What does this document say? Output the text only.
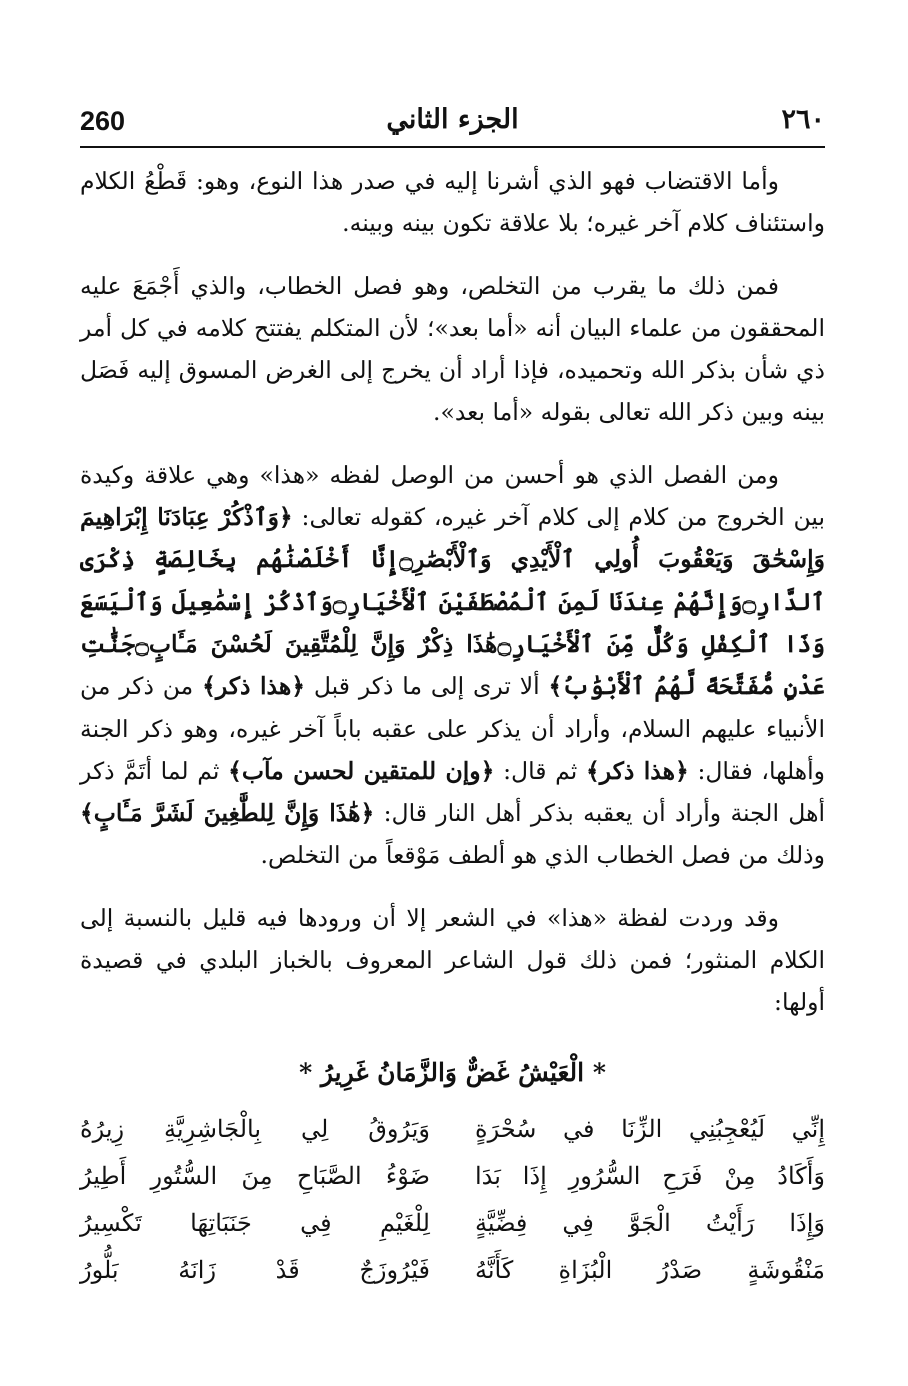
260	الجزء الثاني	٢٦٠

وأما الاقتضاب فهو الذي أشرنا إليه في صدر هذا النوع، وهو: قَطْعُ الكلام واستئناف كلام آخر غيره؛ بلا علاقة تكون بينه وبينه.

فمن ذلك ما يقرب من التخلص، وهو فصل الخطاب، والذي أَجْمَعَ عليه المحققون من علماء البيان أنه «أما بعد»؛ لأن المتكلم يفتتح كلامه في كل أمر ذي شأن بذكر الله وتحميده، فإذا أراد أن يخرج إلى الغرض المسوق إليه فَصَل بينه وبين ذكر الله تعالى بقوله «أما بعد».

ومن الفصل الذي هو أحسن من الوصل لفظه «هذا» وهي علاقة وكيدة بين الخروج من كلام إلى كلام آخر غيره، كقوله تعالى: ﴿وَٱذْكُرْ عِبَادَنَا إِبْرَاهِيمَ وَإِسْحَٰقَ وَيَعْقُوبَ أُولِي ٱلْأَيْدِي وَٱلْأَبْصَٰرِ۝إِنَّا أَخْلَصْنَٰهُم بِخَالِصَةٍ ذِكْرَى ٱلدَّارِ۝وَإِنَّهُمْ عِندَنَا لَمِنَ ٱلْمُصْطَفَيْنَ ٱلْأَخْيَارِ۝وَٱذْكُرْ إِسْمَٰعِيلَ وَٱلْيَسَعَ وَذَا ٱلْكِفْلِ وَكُلٌّ مِّنَ ٱلْأَخْيَارِ۝هَٰذَا ذِكْرٌ وَإِنَّ لِلْمُتَّقِينَ لَحُسْنَ مَـَٔابٍ۝جَنَّٰتِ عَدْنٍ مُّفَتَّحَةً لَّهُمُ ٱلْأَبْوَٰبُ﴾ ألا ترى إلى ما ذكر قبل ﴿هذا ذكر﴾ من ذكر من الأنبياء عليهم السلام، وأراد أن يذكر على عقبه باباً آخر غيره، وهو ذكر الجنة وأهلها، فقال: ﴿هذا ذكر﴾ ثم قال: ﴿وإن للمتقين لحسن مآب﴾ ثم لما أتَمَّ ذكر أهل الجنة وأراد أن يعقبه بذكر أهل النار قال: ﴿هَٰذَا وَإِنَّ لِلطَّٰغِينَ لَشَرَّ مَـَٔابٍ﴾ وذلك من فصل الخطاب الذي هو ألطف مَوْقعاً من التخلص.

وقد وردت لفظة «هذا» في الشعر إلا أن ورودها فيه قليل بالنسبة إلى الكلام المنثور؛ فمن ذلك قول الشاعر المعروف بالخباز البلدي في قصيدة أولها:

* الْعَيْشُ غَضٌّ وَالزَّمَانُ غَرِيرُ *
إِنِّي لَيُعْجِبُنِي الزِّنَا في سُحْرَةٍ
وَيَرُوقُ لِي بِالْجَاشِرِيَّةِ زِيرُهُ
وَأَكَادُ مِنْ فَرَحِ السُّرُورِ إِذَا بَدَا
ضَوْءُ الصَّبَاحِ مِنَ السُّتُورِ أَطِيرُ
وَإِذَا رَأَيْتُ الْجَوَّ فِي فِضِّيَّةٍ
لِلْغَيْمِ فِي جَنَبَاتِهَا تَكْسِيرُ
مَنْقُوشَةٍ صَدْرُ الْبُزَاةِ كَأَنَّهُ
فَيْرُوزَجٌ قَدْ زَانَهُ بَلُّورُ
